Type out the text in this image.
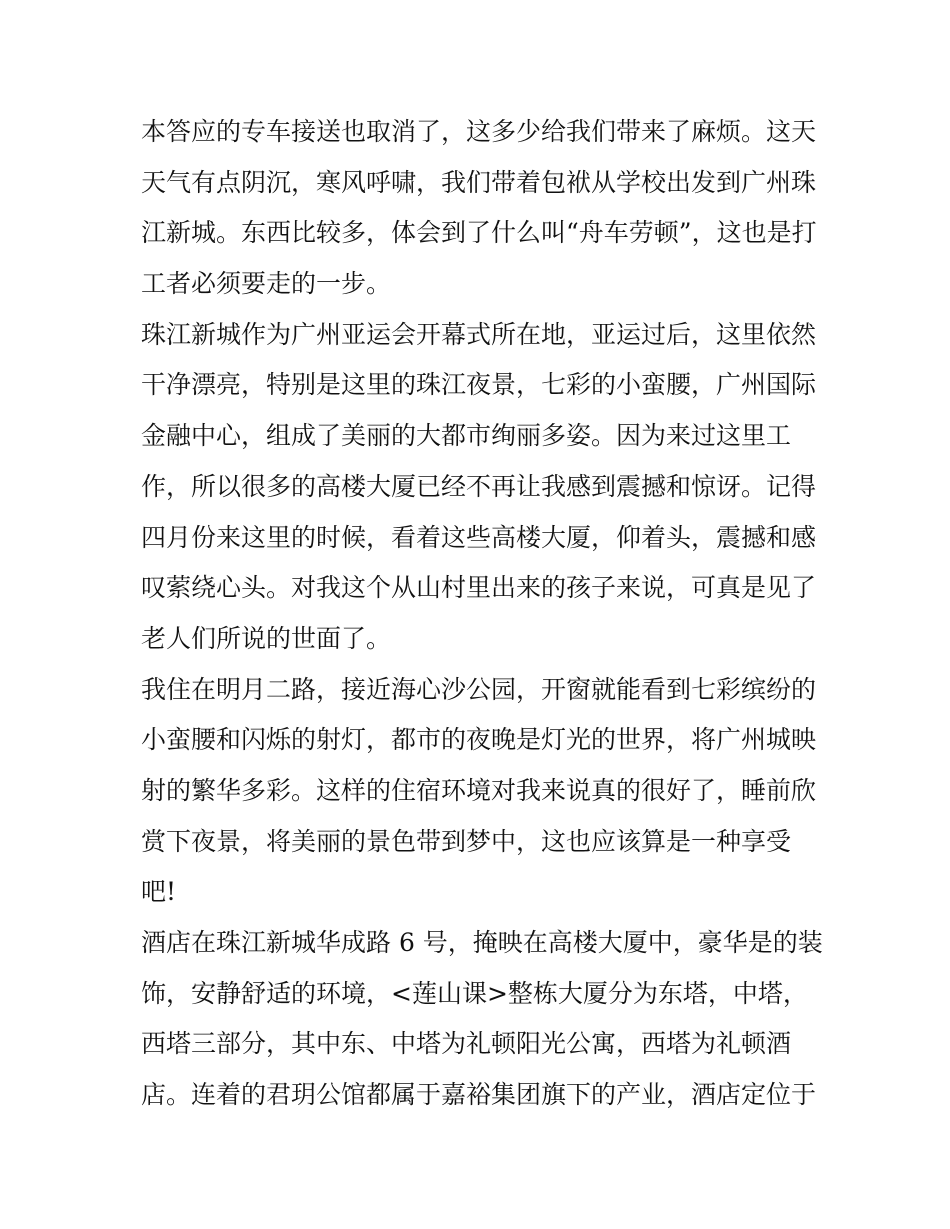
本答应的专车接送也取消了，这多少给我们带来了麻烦。这天
天气有点阴沉，寒风呼啸，我们带着包袱从学校出发到广州珠
江新城。东西比较多，体会到了什么叫“舟车劳顿”，这也是打
工者必须要走的一步。
珠江新城作为广州亚运会开幕式所在地，亚运过后，这里依然
干净漂亮，特别是这里的珠江夜景，七彩的小蛮腰，广州国际
金融中心，组成了美丽的大都市绚丽多姿。因为来过这里工
作，所以很多的高楼大厦已经不再让我感到震撼和惊讶。记得
四月份来这里的时候，看着这些高楼大厦，仰着头，震撼和感
叹萦绕心头。对我这个从山村里出来的孩子来说，可真是见了
老人们所说的世面了。
我住在明月二路，接近海心沙公园，开窗就能看到七彩缤纷的
小蛮腰和闪烁的射灯，都市的夜晚是灯光的世界，将广州城映
射的繁华多彩。这样的住宿环境对我来说真的很好了，睡前欣
赏下夜景，将美丽的景色带到梦中，这也应该算是一种享受
吧!
酒店在珠江新城华成路 6 号，掩映在高楼大厦中，豪华是的装
饰，安静舒适的环境，<莲山课>整栋大厦分为东塔，中塔，
西塔三部分，其中东、中塔为礼顿阳光公寓，西塔为礼顿酒
店。连着的君玥公馆都属于嘉裕集团旗下的产业，酒店定位于
